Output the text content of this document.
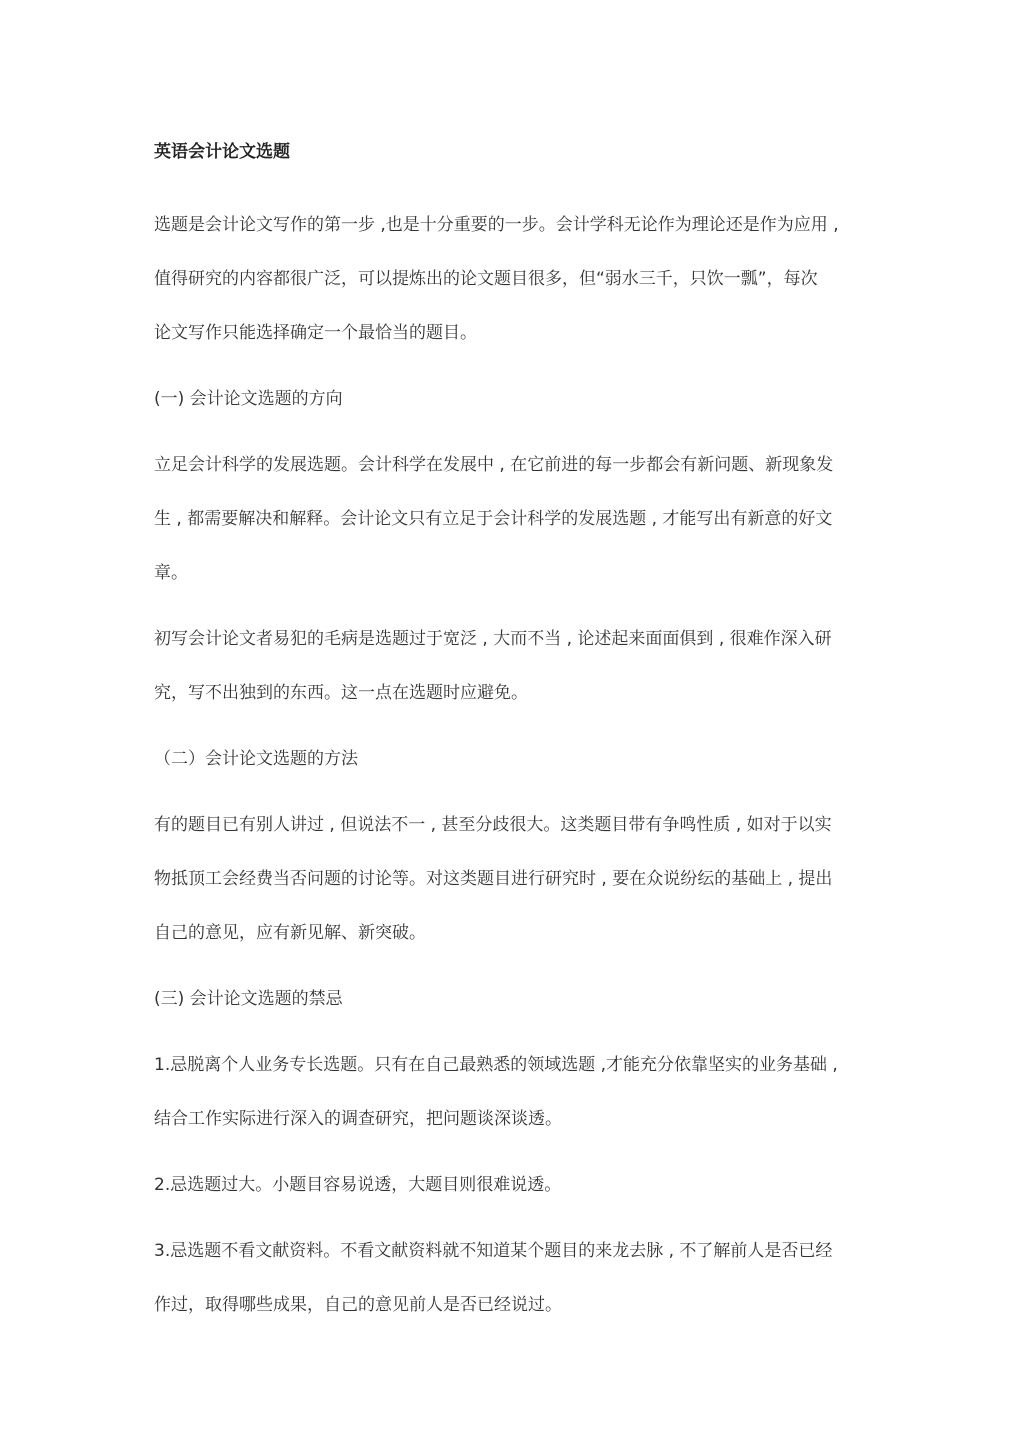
英语会计论文选题
选题是会计论文写作的第一步 ,也是十分重要的一步。会计学科无论作为理论还是作为应用 ,
值得研究的内容都很广泛，可以提炼出的论文题目很多，但“弱水三千，只饮一瓢”，每次
论文写作只能选择确定一个最恰当的题目。
(一) 会计论文选题的方向
立足会计科学的发展选题。会计科学在发展中 , 在它前进的每一步都会有新问题、新现象发
生 , 都需要解决和解释。会计论文只有立足于会计科学的发展选题 , 才能写出有新意的好文
章。
初写会计论文者易犯的毛病是选题过于宽泛 , 大而不当 , 论述起来面面俱到 , 很难作深入研
究，写不出独到的东西。这一点在选题时应避免。
（二）会计论文选题的方法
有的题目已有别人讲过 , 但说法不一 , 甚至分歧很大。这类题目带有争鸣性质 , 如对于以实
物抵顶工会经费当否问题的讨论等。对这类题目进行研究时 , 要在众说纷纭的基础上 , 提出
自己的意见，应有新见解、新突破。
(三) 会计论文选题的禁忌
1.忌脱离个人业务专长选题。只有在自己最熟悉的领域选题 ,才能充分依靠坚实的业务基础 ,
结合工作实际进行深入的调查研究，把问题谈深谈透。
2.忌选题过大。小题目容易说透，大题目则很难说透。
3.忌选题不看文献资料。不看文献资料就不知道某个题目的来龙去脉 , 不了解前人是否已经
作过，取得哪些成果，自己的意见前人是否已经说过。
